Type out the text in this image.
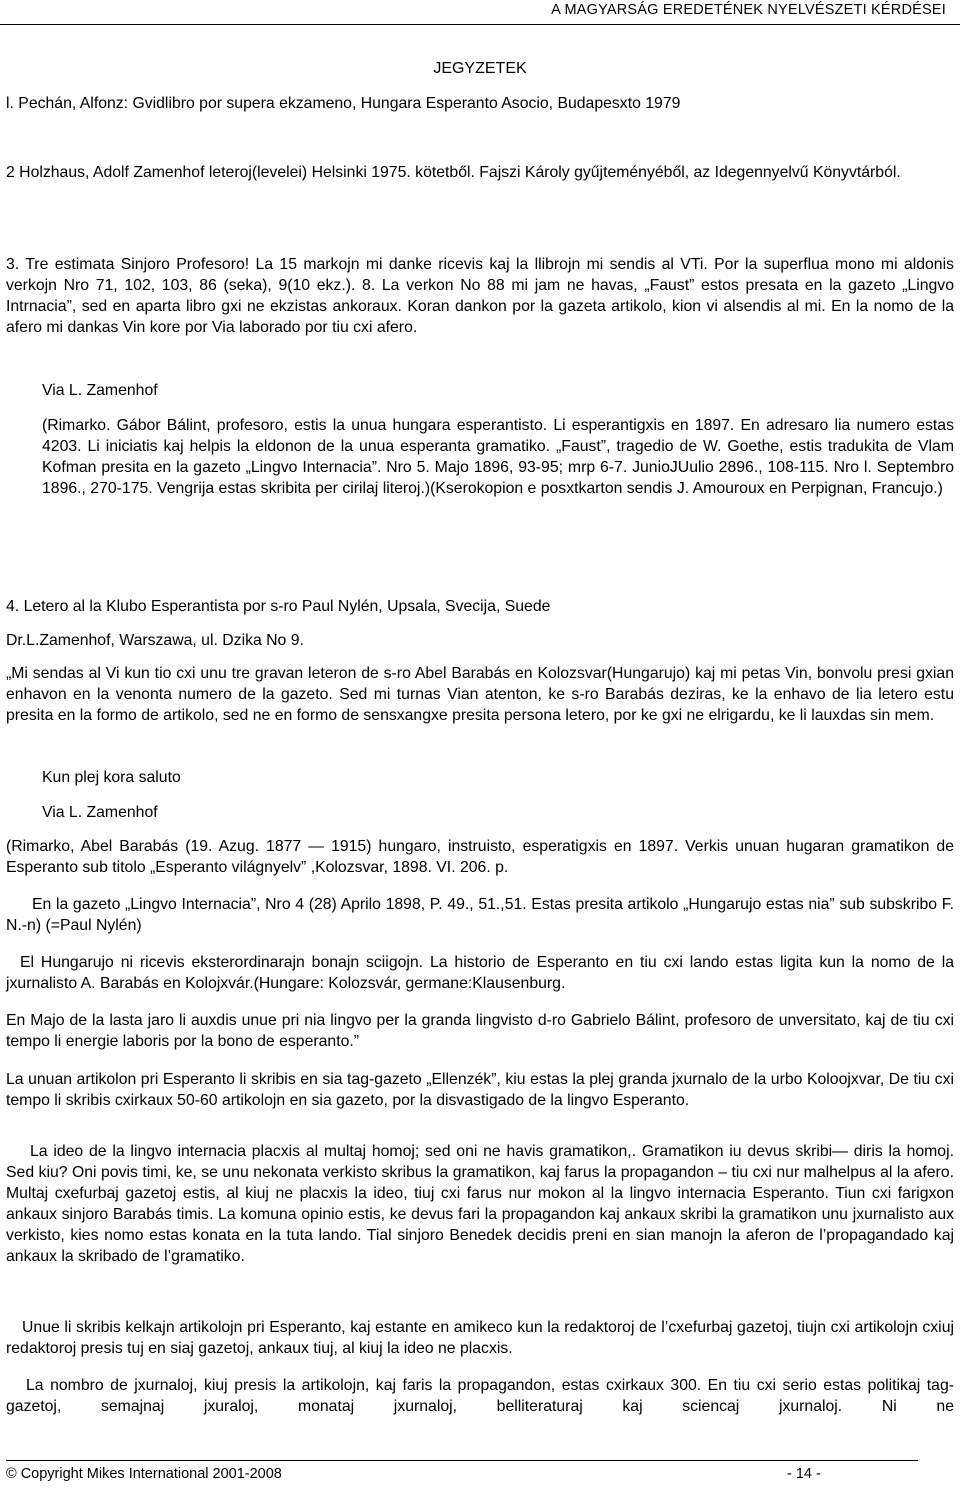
A MAGYARSÁG EREDETÉNEK NYELVÉSZETI KÉRDÉSEI
JEGYZETEK

l. Pechán, Alfonz: Gvidlibro por supera ekzameno, Hungara Esperanto Asocio, Budapesxto 1979

2 Holzhaus, Adolf Zamenhof leteroj(levelei) Helsinki 1975. kötetből. Fajszi Károly gyűjteményéből, az Idegennyelvű Könyvtárból.

3. Tre estimata Sinjoro Profesoro! La 15 markojn mi danke ricevis kaj la llibrojn mi sendis al VTi. Por la superflua mono mi aldonis verkojn Nro 71, 102, 103, 86 (seka), 9(10 ekz.). 8. La verkon No 88 mi jam ne havas, „Faust” estos presata en la gazeto „Lingvo Intrnacia”, sed en aparta libro gxi ne ekzistas ankoraux. Koran dankon por la gazeta artikolo, kion vi alsendis al mi. En la nomo de la afero mi dankas Vin kore por Via laborado por tiu cxi afero.

Via L. Zamenhof

(Rimarko. Gábor Bálint, profesoro, estis la unua hungara esperantisto. Li esperantigxis en 1897. En adresaro lia numero estas 4203. Li iniciatis kaj helpis la eldonon de la unua esperanta gramatiko. „Faust”, tragedio de W. Goethe, estis tradukita de Vlam Kofman presita en la gazeto „Lingvo Internacia”. Nro 5. Majo 1896, 93-95; mrp 6-7. JunioJUulio 2896., 108-115. Nro l. Septembro 1896., 270-175. Vengrija estas skribita per cirilaj literoj.)(Kserokopion e posxtkarton sendis J. Amouroux en Perpignan, Francujo.)

4. Letero al la Klubo Esperantista por s-ro Paul Nylén, Upsala, Svecija, Suede

Dr.L.Zamenhof, Warszawa, ul. Dzika No 9.

„Mi sendas al Vi kun tio cxi unu tre gravan leteron de s-ro Abel Barabás en Kolozsvar(Hungarujo) kaj mi petas Vin, bonvolu presi gxian enhavon en la venonta numero de la gazeto. Sed mi turnas Vian atenton, ke s-ro Barabás deziras, ke la enhavo de lia letero estu presita en la formo de artikolo, sed ne en formo de sensxangxe presita persona letero, por ke gxi ne elrigardu, ke li lauxdas sin mem.

Kun plej kora saluto
Via L. Zamenhof

(Rimarko, Abel Barabás (19. Azug. 1877 — 1915) hungaro, instruisto, esperatigxis en 1897. Verkis unuan hugaran gramatikon de Esperanto sub titolo „Esperanto világnyelv” ,Kolozsvar, 1898. VI. 206. p.

En la gazeto „Lingvo Internacia”, Nro 4 (28) Aprilo 1898, P. 49., 51.,51. Estas presita artikolo „Hungarujo estas nia” sub subskribo F. N.-n) (=Paul Nylén)

El Hungarujo ni ricevis eksterordinarajn bonajn sciigojn. La historio de Esperanto en tiu cxi lando estas ligita kun la nomo de la jxurnalisto A. Barabás en Kolojxvár.(Hungare: Kolozsvár, germane:Klausenburg.

En Majo de la lasta jaro li auxdis unue pri nia lingvo per la granda lingvisto d-ro Gabrielo Bálint, profesoro de unversitato, kaj de tiu cxi tempo li energie laboris por la bono de esperanto.”

La unuan artikolon pri Esperanto li skribis en sia tag-gazeto „Ellenzék”, kiu estas la plej granda jxurnalo de la urbo Koloojxvar, De tiu cxi tempo li skribis cxirkaux 50-60 artikolojn en sia gazeto, por la disvastigado de la lingvo Esperanto.

La ideo de la lingvo internacia placxis al multaj homoj; sed oni ne havis gramatikon,. Gramatikon iu devus skribi— diris la homoj. Sed kiu? Oni povis timi, ke, se unu nekonata verkisto skribus la gramatikon, kaj farus la propagandon – tiu cxi nur malhelpus al la afero. Multaj cxefurbaj gazetoj estis, al kiuj ne placxis la ideo, tiuj cxi farus nur mokon al la lingvo internacia Esperanto. Tiun cxi farigxon ankaux sinjoro Barabás timis. La komuna opinio estis, ke devus fari la propagandon kaj ankaux skribi la gramatikon unu jxurnalisto aux verkisto, kies nomo estas konata en la tuta lando. Tial sinjoro Benedek decidis preni en sian manojn la aferon de l’propagandado kaj ankaux la skribado de l’gramatiko.

Unue li skribis kelkajn artikolojn pri Esperanto, kaj estante en amikeco kun la redaktoroj de l’cxefurbaj gazetoj, tiujn cxi artikolojn cxiuj redaktoroj presis tuj en siaj gazetoj, ankaux tiuj, al kiuj la ideo ne placxis.

La nombro de jxurnaloj, kiuj presis la artikolojn, kaj faris la propagandon, estas cxirkaux 300. En tiu cxi serio estas politikaj tag-gazetoj, semajnaj jxuraloj, monataj jxurnaloj, belliteraturaj kaj sciencaj jxurnaloj. Ni ne

© Copyright Mikes International 2001-2008	- 14 -
